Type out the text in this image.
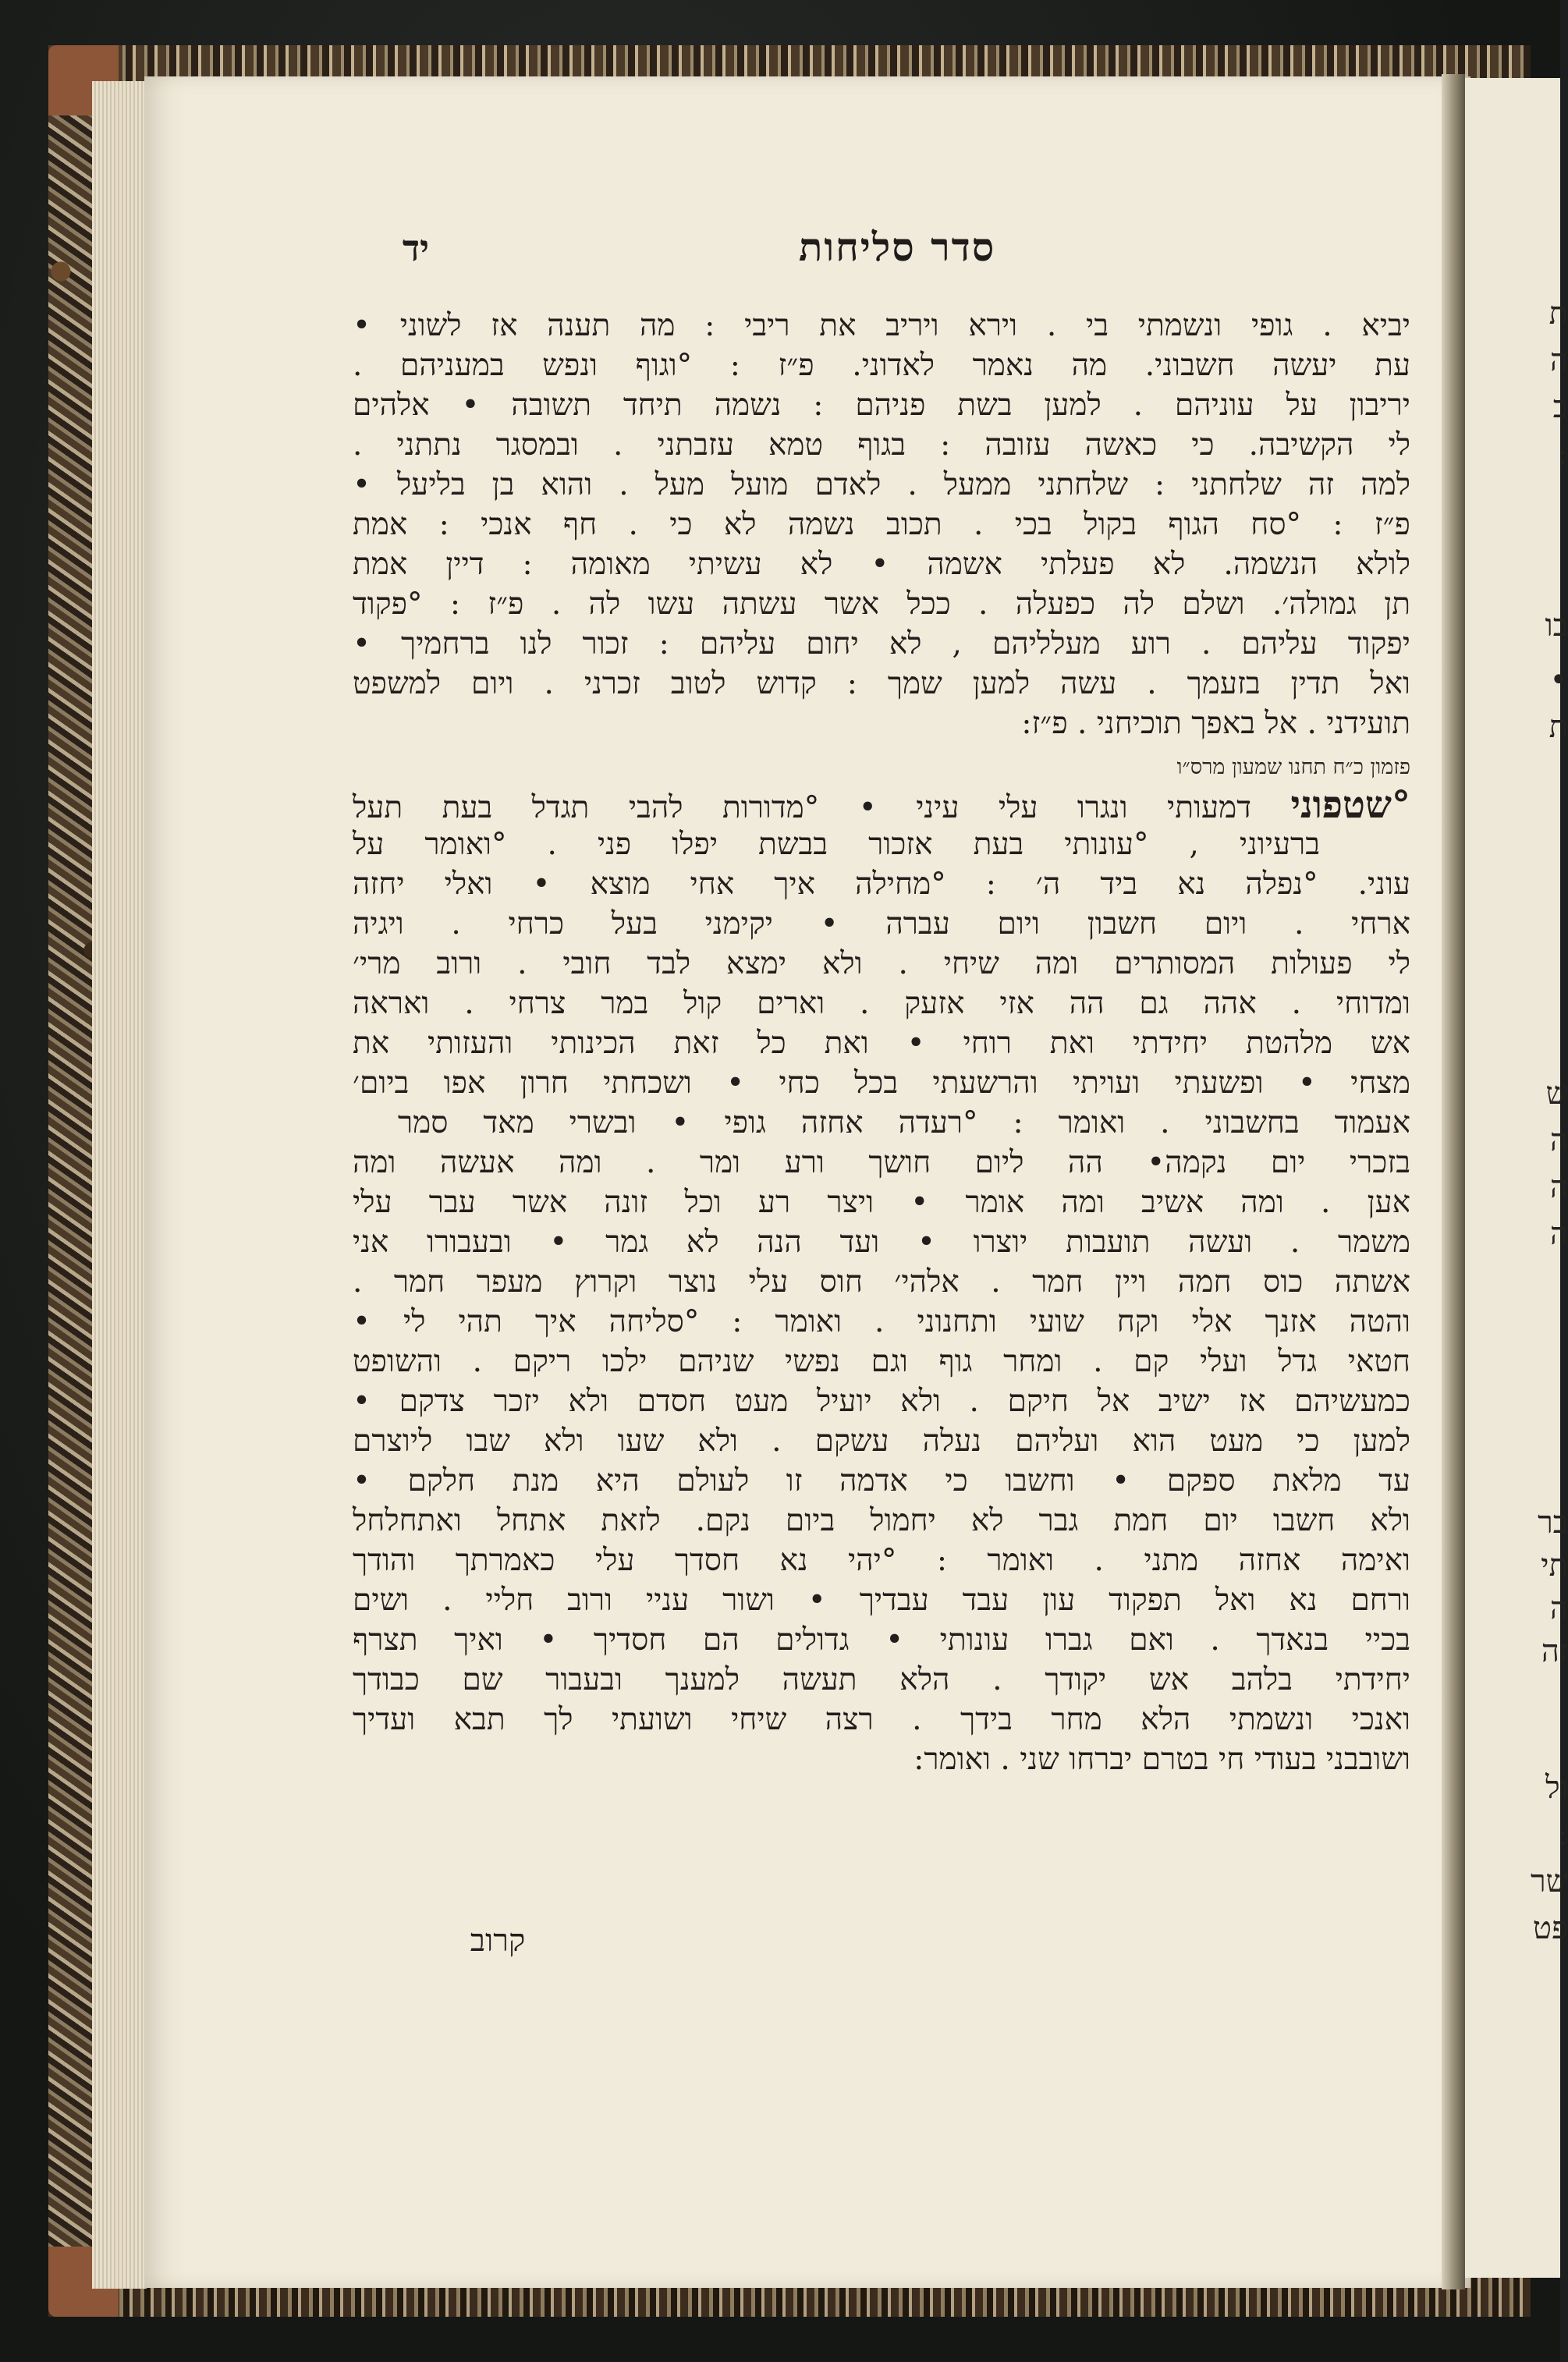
סדר סליחות
יד
יביא . גופי ונשמתי בי . וירא ויריב את ריבי : מה תענה אז לשוני •
עת יעשה חשבוני. מה נאמר לאדוני. פ״ז : °וגוף ונפש במעניהם .
יריבון על עוניהם . למען בשת פניהם : נשמה תיחד תשובה • אלהים
לי הקשיבה. כי כאשה עזובה : בגוף טמא עזבתני . ובמסגר נתתני .
למה זה שלחתני : שלחתני ממעל . לאדם מועל מעל . והוא בן בליעל •
פ״ז : °סח הגוף בקול בכי . תכוב נשמה לא כי . חף אנכי : אמת
לולא הנשמה. לא פעלתי אשמה • לא עשיתי מאומה : דיין אמת
תן גמולה׳. ושלם לה כפעלה . ככל אשר עשתה עשו לה . פ״ז : °פקוד
יפקוד עליהם . רוע מעלליהם , לא יחום עליהם : זכור לנו ברחמיך •
ואל תדין בזעמך . עשה למען שמך : קדוש לטוב זכרני . ויום למשפט
תועידני . אל באפך תוכיחני . פ״ז:
פזמון כ״ח תחנו שמעון מרס״ו
°שטפוני דמעותי ונגרו עלי עיני • °מדורות להבי תגדל בעת תעל
ברעיוני , °עונותי בעת אזכור בבשת יפלו פני . °ואומר על
עוני. °נפלה נא ביד ה׳ : °מחילה איך אחי מוצא • ואלי יחזה
ארחי . ויום חשבון ויום עברה • יקימני בעל כרחי . ויגיה
לי פעולות המסותרים ומה שיחי . ולא ימצא לבד חובי . ורוב מרי׳
ומדוחי . אהה גם הה אזי אזעק . וארים קול במר צרחי . ואראה
אש מלהטת יחידתי ואת רוחי • ואת כל זאת הכינותי והעזותי את
מצחי • ופשעתי ועויתי והרשעתי בכל כחי • ושכחתי חרון אפו ביום׳
אעמוד בחשבוני . ואומר : °רעדה אחזה גופי • ובשרי מאד סמר
בזכרי יום נקמה• הה ליום חושך ורע ומר . ומה אעשה ומה
אען . ומה אשיב ומה אומר • ויצר רע וכל זונה אשר עבר עלי
משמר . ועשה תועבות יוצרו • ועד הנה לא גמר • ובעבורו אני
אשתה כוס חמה ויין חמר . אלהי׳ חוס עלי נוצר וקרוץ מעפר חמר .
והטה אזנך אלי וקח שועי ותחנוני . ואומר : °סליחה איך תהי לי •
חטאי גדל ועלי קם . ומחר גוף וגם נפשי שניהם ילכו ריקם . והשופט
כמעשיהם אז ישיב אל חיקם . ולא יועיל מעט חסדם ולא יזכר צדקם •
למען כי מעט הוא ועליהם נעלה עשקם . ולא שעו ולא שבו ליוצרם
עד מלאת ספקם • וחשבו כי אדמה זו לעולם היא מנת חלקם •
ולא חשבו יום חמת גבר לא יחמול ביום נקם. לזאת אתחל ואתחלחל
ואימה אחזה מתני . ואומר : °יהי נא חסדך עלי כאמרתך והודך
ורחם נא ואל תפקוד עון עבד עבדיך • ושור עניי ורוב חליי . ושים
בכיי בנאדך . ואם גברו עונותי • גדולים הם חסדיך • ואיך תצרף
יחידתי בלהב אש יקודך . הלא תעשה למענך ובעבור שם כבודך
ואנכי ונשמתי הלא מחר בידך . רצה שיחי ושועתי לך תבא ועדיך
ושובבני בעודי חי בטרם יברחו שני . ואומר:
קרוב
ת
ה
ב
:
בו
•
ת
ש
ה
ה
ה
בר
תי
ה
זה
ול
:
שר
פט
